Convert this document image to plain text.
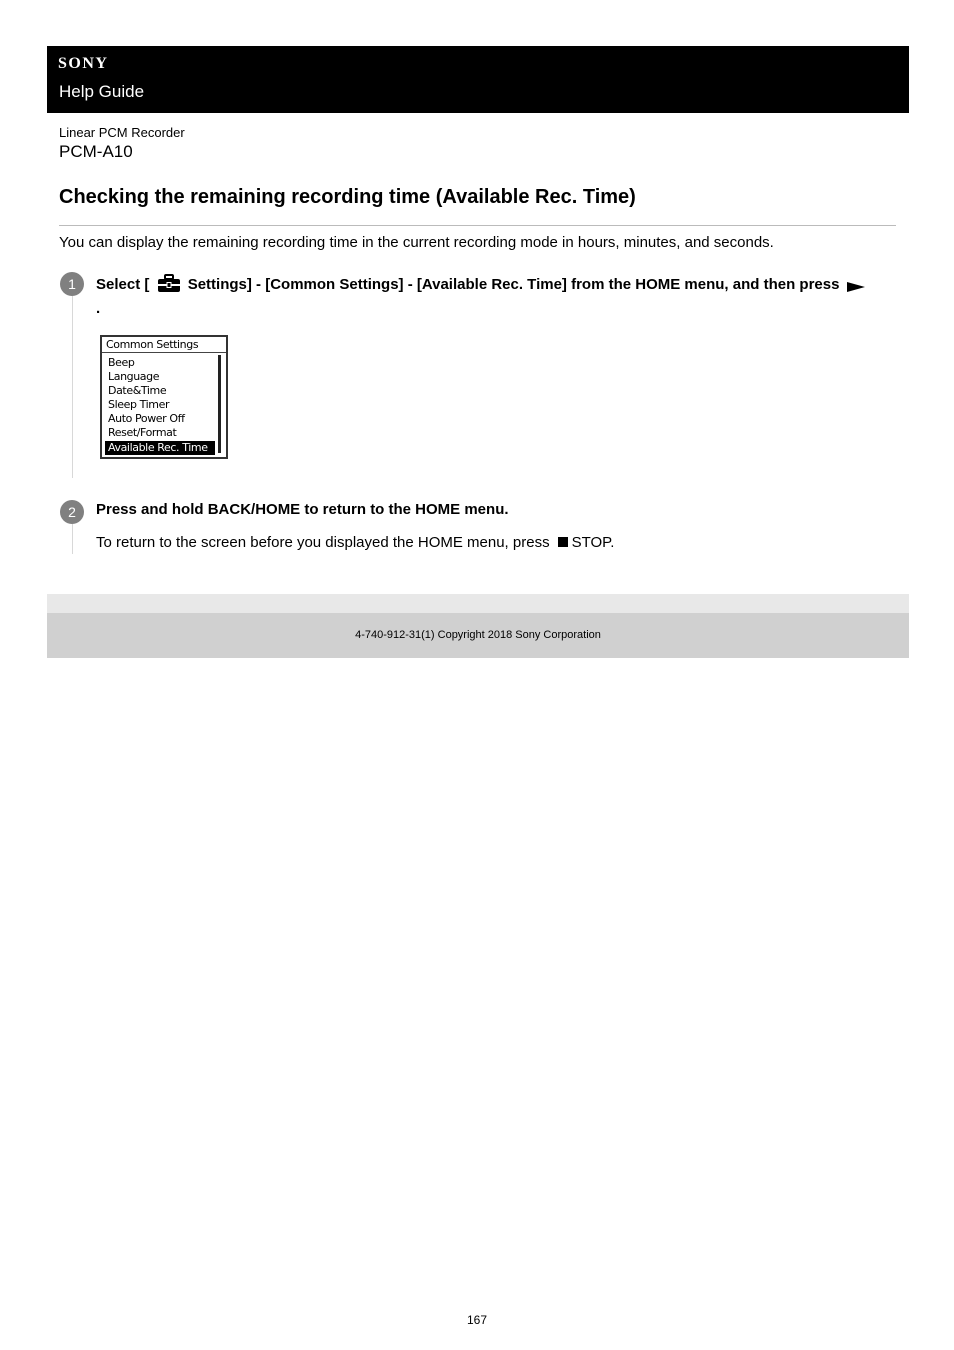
SONY
Help Guide
Linear PCM Recorder
PCM-A10
Checking the remaining recording time (Available Rec. Time)
You can display the remaining recording time in the current recording mode in hours, minutes, and seconds.
1	Select [	Settings] - [Common Settings] - [Available Rec. Time] from the HOME menu, and then press
.
Common Settings
Beep
Language
Date&Time
Sleep Timer
Auto Power Off
Reset/Format
Available Rec. Time
2	Press and hold BACK/HOME to return to the HOME menu.
To return to the screen before you displayed the HOME menu, press STOP.
4-740-912-31(1) Copyright 2018 Sony Corporation
167
